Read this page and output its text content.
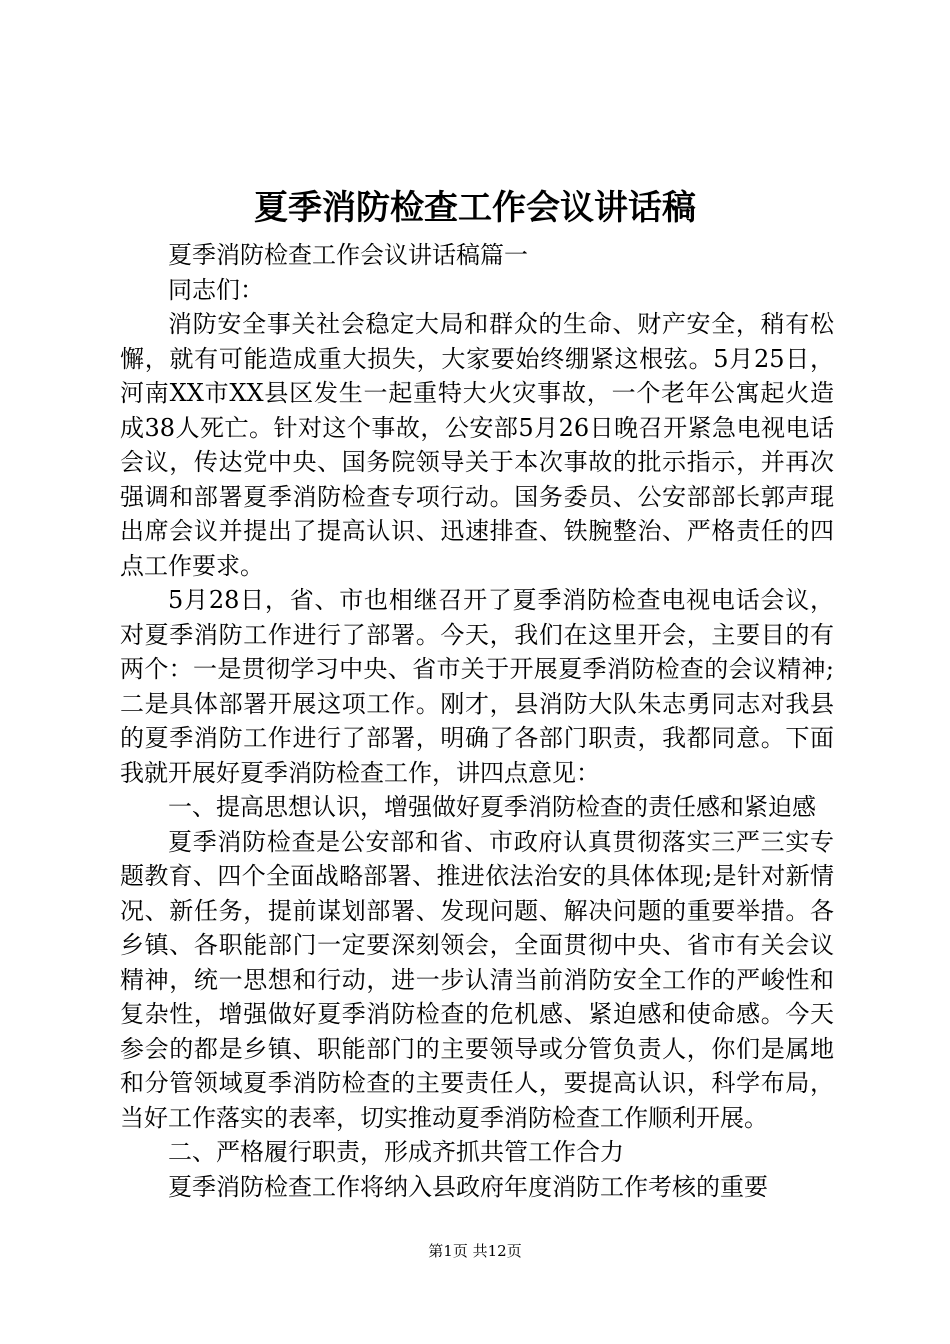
夏季消防检查工作会议讲话稿

夏季消防检查工作会议讲话稿篇一

同志们：

消防安全事关社会稳定大局和群众的生命、财产安全，稍有松懈，就有可能造成重大损失，大家要始终绷紧这根弦。5月25日，河南XX市XX县区发生一起重特大火灾事故，一个老年公寓起火造成38人死亡。针对这个事故，公安部5月26日晚召开紧急电视电话会议，传达党中央、国务院领导关于本次事故的批示指示，并再次强调和部署夏季消防检查专项行动。国务委员、公安部部长郭声琨出席会议并提出了提高认识、迅速排查、铁腕整治、严格责任的四点工作要求。

5月28日，省、市也相继召开了夏季消防检查电视电话会议，对夏季消防工作进行了部署。今天，我们在这里开会，主要目的有两个：一是贯彻学习中央、省市关于开展夏季消防检查的会议精神;二是具体部署开展这项工作。刚才，县消防大队朱志勇同志对我县的夏季消防工作进行了部署，明确了各部门职责，我都同意。下面我就开展好夏季消防检查工作，讲四点意见：

一、提高思想认识，增强做好夏季消防检查的责任感和紧迫感

夏季消防检查是公安部和省、市政府认真贯彻落实三严三实专题教育、四个全面战略部署、推进依法治安的具体体现;是针对新情况、新任务，提前谋划部署、发现问题、解决问题的重要举措。各乡镇、各职能部门一定要深刻领会，全面贯彻中央、省市有关会议精神，统一思想和行动，进一步认清当前消防安全工作的严峻性和复杂性，增强做好夏季消防检查的危机感、紧迫感和使命感。今天参会的都是乡镇、职能部门的主要领导或分管负责人，你们是属地和分管领域夏季消防检查的主要责任人，要提高认识，科学布局，当好工作落实的表率，切实推动夏季消防检查工作顺利开展。

二、严格履行职责，形成齐抓共管工作合力

夏季消防检查工作将纳入县政府年度消防工作考核的重要

第1页 共12页
